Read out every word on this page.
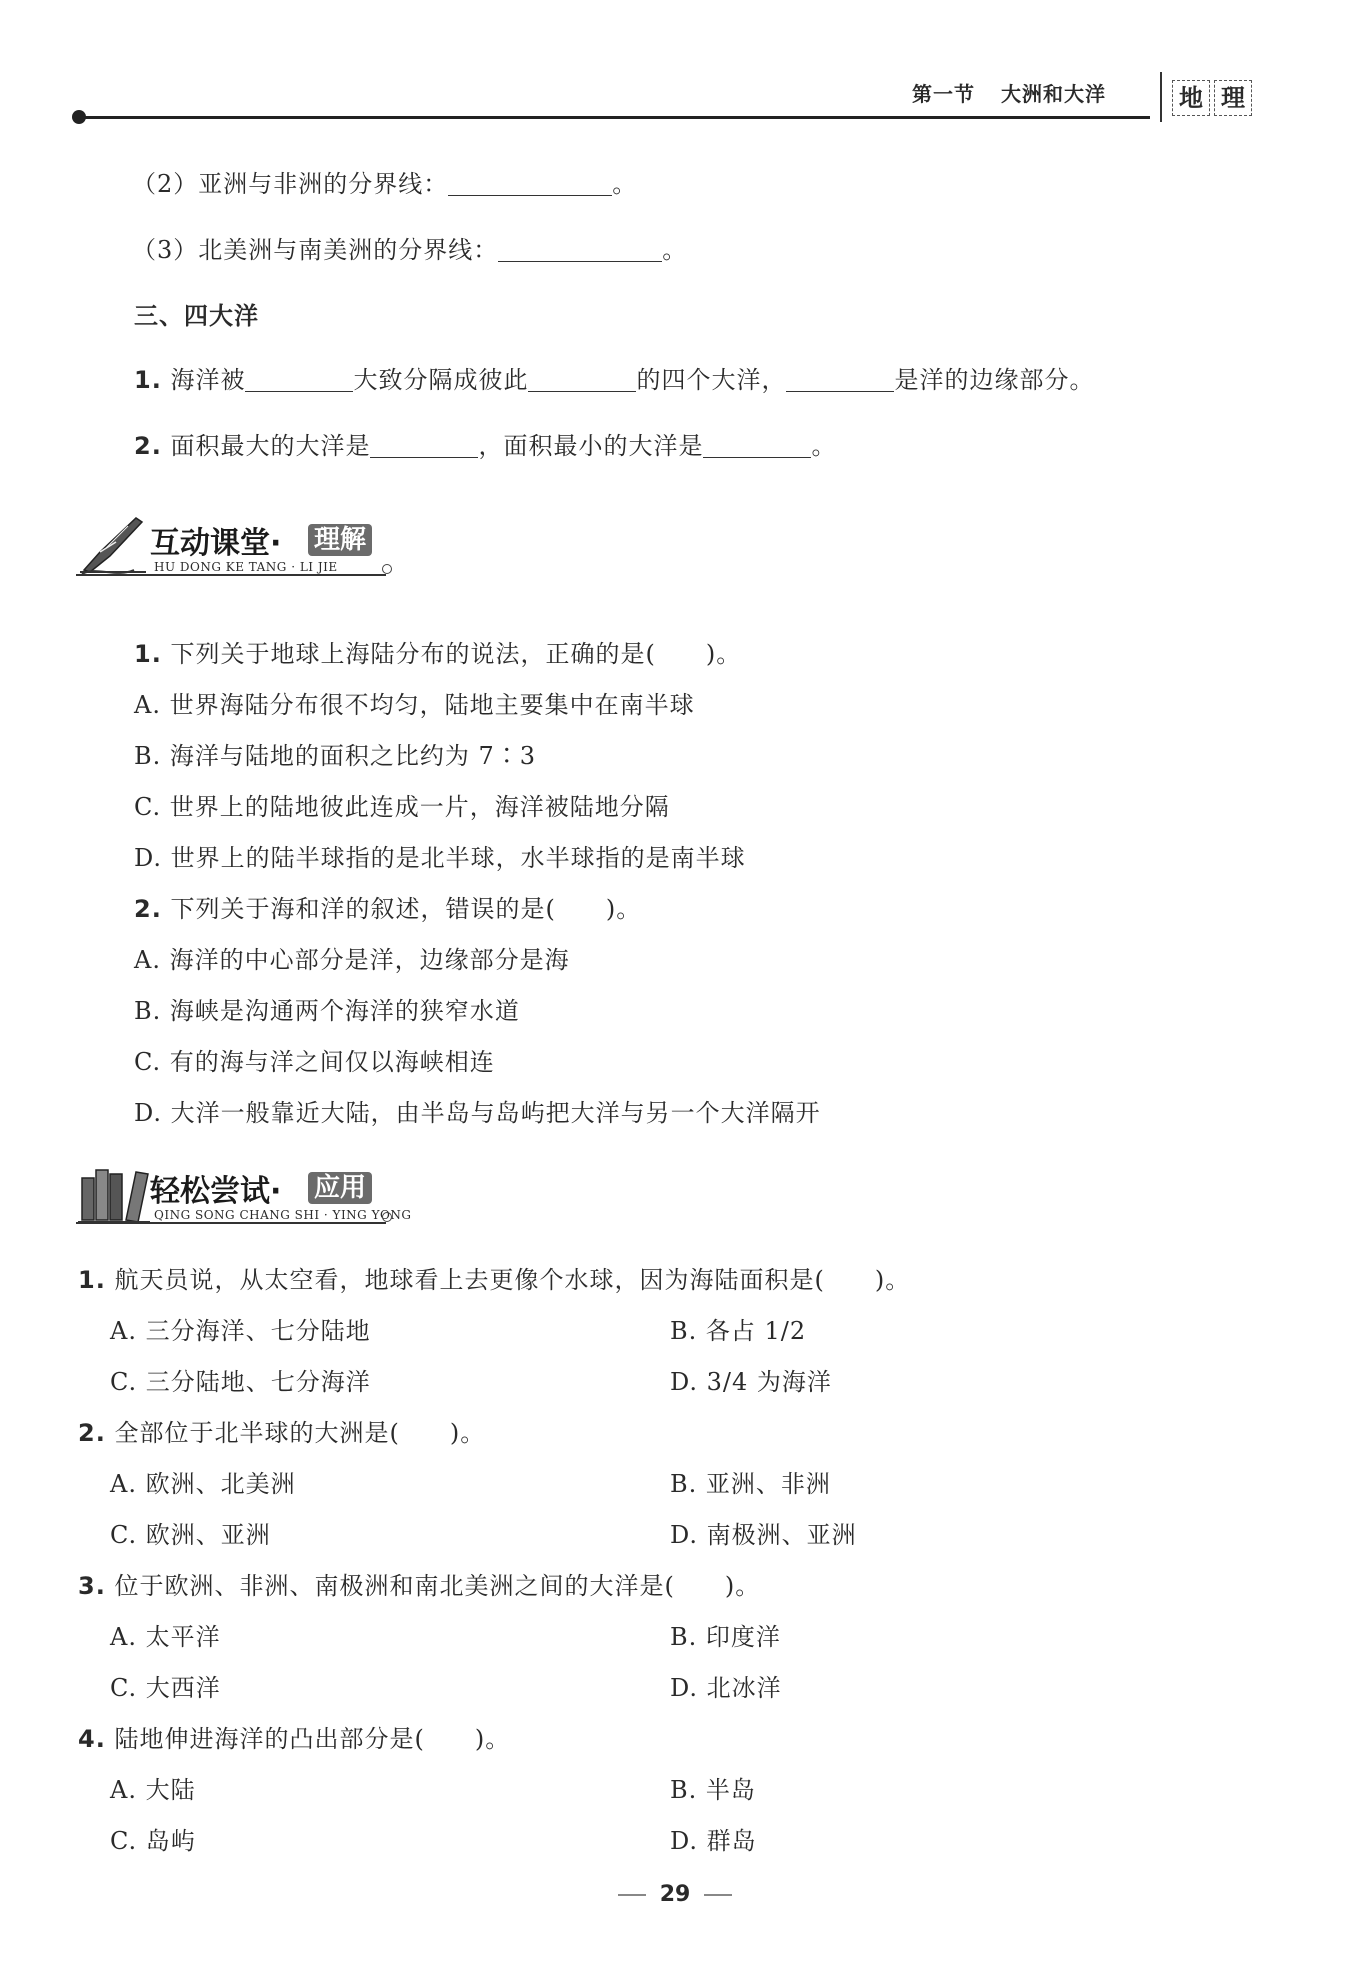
第一节 大洲和大洋	地 理
（2）亚洲与非洲的分界线：	。
（3）北美洲与南美洲的分界线：	。
三、四大洋
1. 海洋被	大致分隔成彼此	的四个大洋，	是洋的边缘部分。
2. 面积最大的大洋是	，面积最小的大洋是	。
互动课堂· 理解
HU DONG KE TANG · LI JIE
1. 下列关于地球上海陆分布的说法，正确的是(　　)。
A. 世界海陆分布很不均匀，陆地主要集中在南半球
B. 海洋与陆地的面积之比约为 7∶3
C. 世界上的陆地彼此连成一片，海洋被陆地分隔
D. 世界上的陆半球指的是北半球，水半球指的是南半球
2. 下列关于海和洋的叙述，错误的是(　　)。
A. 海洋的中心部分是洋，边缘部分是海
B. 海峡是沟通两个海洋的狭窄水道
C. 有的海与洋之间仅以海峡相连
D. 大洋一般靠近大陆，由半岛与岛屿把大洋与另一个大洋隔开
轻松尝试· 应用
QING SONG CHANG SHI · YING YONG
1. 航天员说，从太空看，地球看上去更像个水球，因为海陆面积是(　　)。
A. 三分海洋、七分陆地	B. 各占 1/2
C. 三分陆地、七分海洋	D. 3/4 为海洋
2. 全部位于北半球的大洲是(　　)。
A. 欧洲、北美洲	B. 亚洲、非洲
C. 欧洲、亚洲	D. 南极洲、亚洲
3. 位于欧洲、非洲、南极洲和南北美洲之间的大洋是(　　)。
A. 太平洋	B. 印度洋
C. 大西洋	D. 北冰洋
4. 陆地伸进海洋的凸出部分是(　　)。
A. 大陆	B. 半岛
C. 岛屿	D. 群岛
29
